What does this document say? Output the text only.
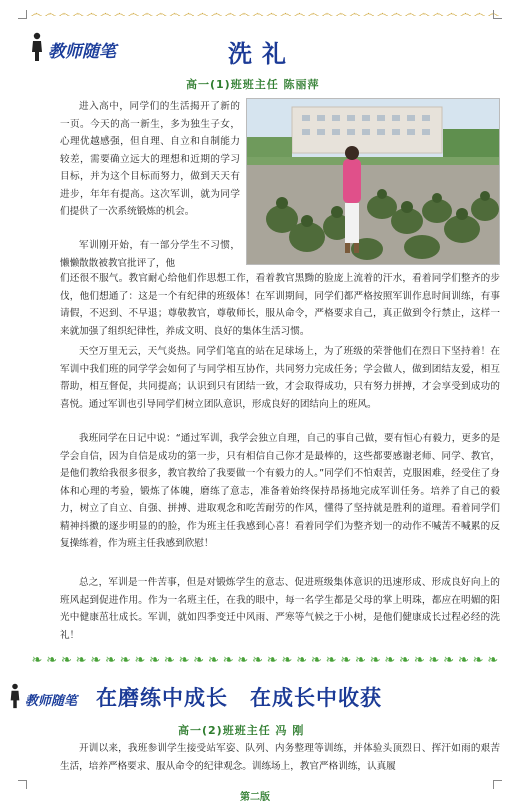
෴ ෴ ෴ ෴ ෴ ෴ ෴ ෴ ෴ ෴ ෴ ෴ ෴ ෴ ෴ ෴ ෴ ෴ ෴ ෴ ෴ ෴ ෴ ෴ ෴ ෴ ෴ ෴ ෴ ෴ ෴ ෴ ෴ ෴
教师随笔	洗礼
高一(1)班班主任 陈丽萍

进入高中，同学们的生活揭开了新的一页。今天的高一新生，多为独生子女，心理优越感强，但自理、自立和自制能力较差，需要确立远大的理想和近期的学习目标，并为这个目标而努力，做到天天有进步，年年有提高。这次军训，就为同学们提供了一次系统锻炼的机会。

军训刚开始，有一部分学生不习惯，懒懒散散被教官批评了，他

们还很不服气。教官耐心给他们作思想工作，看着教官黑黝的脸庞上流着的汗水，看着同学们整齐的步伐，他们想通了：这是一个有纪律的班级体！在军训期间，同学们都严格按照军训作息时间训练，有事请假，不迟到、不早退；尊敬教官，尊敬师长，服从命令，严格要求自己，真正做到令行禁止，这样一来就加强了组织纪律性，养成文明、良好的集体生活习惯。

天空万里无云，天气炎热。同学们笔直的站在足球场上，为了班级的荣誉他们在烈日下坚持着！在军训中我们班的同学学会如何了与同学相互协作，共同努力完成任务；学会做人，做到团结友爱，相互帮助，相互督促，共同提高；认识到只有团结一致，才会取得成功，只有努力拼搏，才会享受到成功的喜悦。通过军训也引导同学们树立团队意识，形成良好的团结向上的班风。

我班同学在日记中说：“通过军训，我学会独立自理，自己的事自己做，要有恒心有毅力，更多的是学会自信，因为自信是成功的第一步，只有相信自己你才是最棒的，这些都要感谢老师、同学、教官，是他们教给我很多很多，教官教给了我要做一个有毅力的人。”同学们不怕艰苦，克服困难，经受住了身体和心理的考验，锻炼了体魄，磨练了意志，准备着始终保持昂扬地完成军训任务。培养了自己的毅力，树立了自立、自强、拼搏、进取观念和吃苦耐劳的作风，懂得了坚持就是胜利的道理。看着同学们精神抖擞的逐步明显的的脸，作为班主任我感到心喜！看着同学们为整齐划一的动作不喊苦不喊累的反复操练着，作为班主任我感到欣慰！

总之，军训是一件苦事，但是对锻炼学生的意志、促进班级集体意识的迅速形成、形成良好向上的班风起到促进作用。作为一名班主任，在我的眼中，每一名学生都是父母的掌上明珠，都应在明媚的阳光中健康茁壮成长。军训，就如四季变迁中风雨、严寒等气候之于小树，是他们健康成长过程必经的洗礼！

❧ ❧ ❧ ❧ ❧ ❧ ❧ ❧ ❧ ❧ ❧ ❧ ❧ ❧ ❧ ❧ ❧ ❧ ❧ ❧ ❧ ❧ ❧ ❧ ❧ ❧ ❧ ❧ ❧ ❧ ❧ ❧
教师随笔 在磨练中成长　在成长中收获
高一(2)班班主任 冯 刚

开训以来，我班参训学生接受站军姿、队列、内务整理等训练，并体验头顶烈日、挥汗如雨的艰苦生活，培养严格要求、服从命令的纪律观念。训练场上，教官严格训练，认真履

第二版
